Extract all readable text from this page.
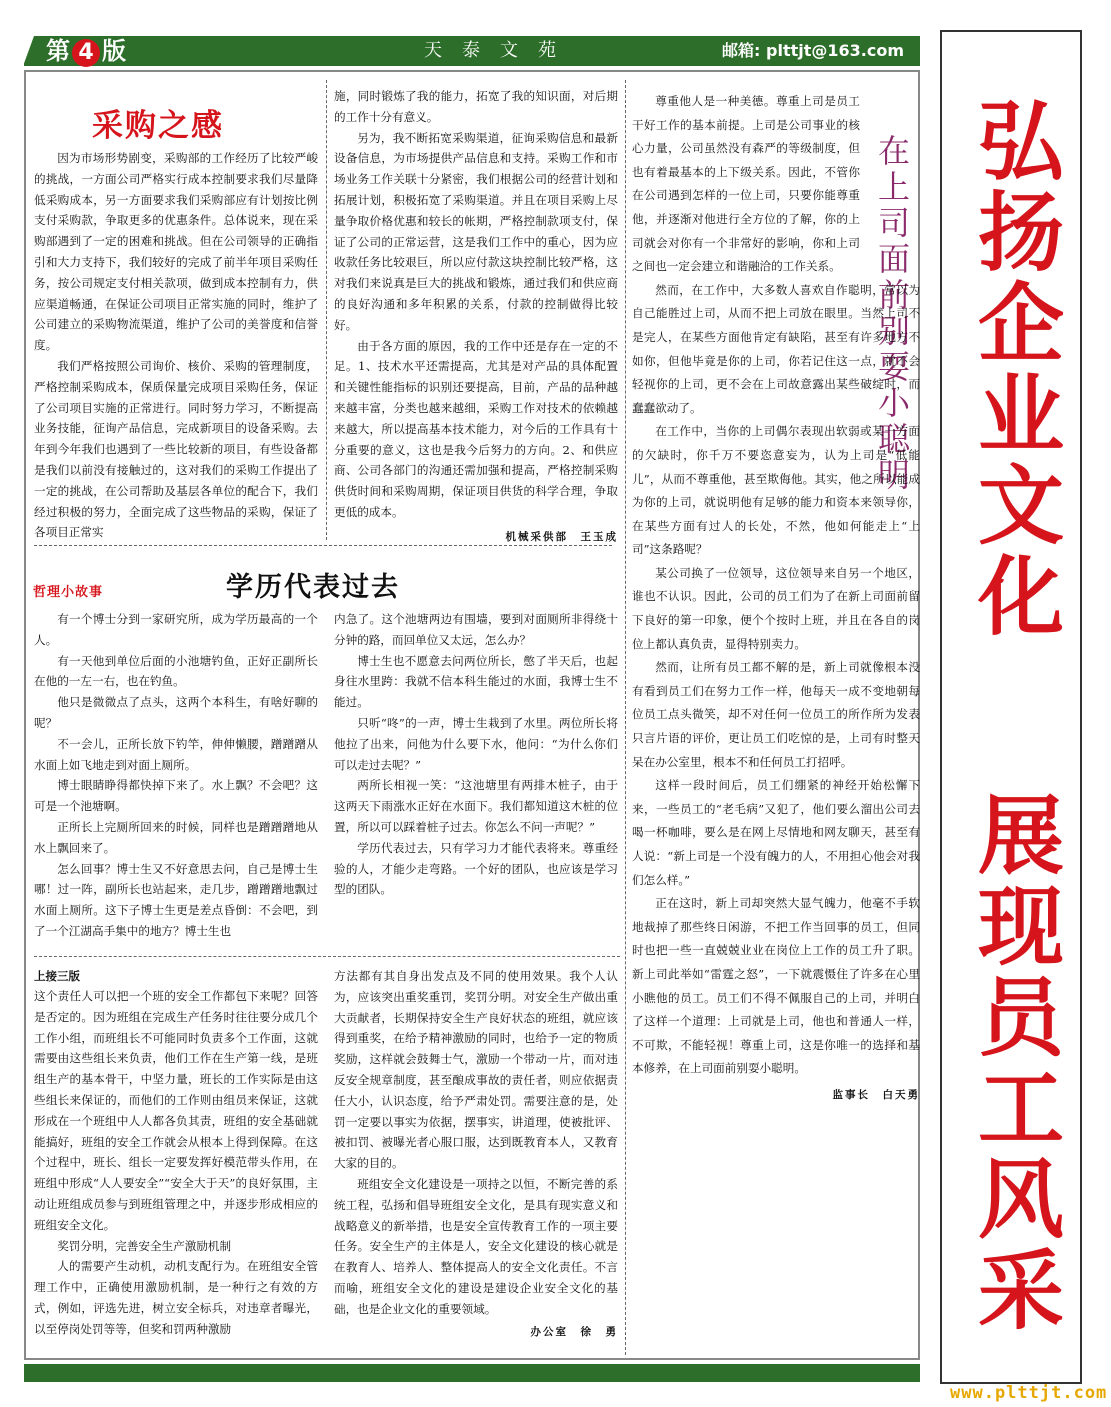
第 4 版	天泰文苑	邮箱: plttjt@163.com
采购之感

因为市场形势剧变，采购部的工作经历了比较严峻的挑战，一方面公司严格实行成本控制要求我们尽量降低采购成本，另一方面要求我们采购部应有计划按比例支付采购款，争取更多的优惠条件。总体说来，现在采购部遇到了一定的困难和挑战。但在公司领导的正确指引和大力支持下，我们较好的完成了前半年项目采购任务，按公司规定支付相关款项，做到成本控制有力，供应渠道畅通，在保证公司项目正常实施的同时，维护了公司建立的采购物流渠道，维护了公司的美誉度和信誉度。

我们严格按照公司询价、核价、采购的管理制度，严格控制采购成本，保质保量完成项目采购任务，保证了公司项目实施的正常进行。同时努力学习，不断提高业务技能，征询产品信息，完成新项目的设备采购。去年到今年我们也遇到了一些比较新的项目，有些设备都是我们以前没有接触过的，这对我们的采购工作提出了一定的挑战，在公司帮助及基层各单位的配合下，我们经过积极的努力，全面完成了这些物品的采购，保证了各项目正常实

施，同时锻炼了我的能力，拓宽了我的知识面，对后期的工作十分有意义。

另为，我不断拓宽采购渠道，征询采购信息和最新设备信息，为市场提供产品信息和支持。采购工作和市场业务工作关联十分紧密，我们根据公司的经营计划和拓展计划，积极拓宽了采购渠道。并且在项目采购上尽量争取价格优惠和较长的帐期，严格控制款项支付，保证了公司的正常运营，这是我们工作中的重心，因为应收款任务比较艰巨，所以应付款这块控制比较严格，这对我们来说真是巨大的挑战和锻炼，通过我们和供应商的良好沟通和多年积累的关系，付款的控制做得比较好。

由于各方面的原因，我的工作中还是存在一定的不足。1、技术水平还需提高，尤其是对产品的具体配置和关键性能指标的识别还要提高，目前，产品的品种越来越丰富，分类也越来越细，采购工作对技术的依赖越来越大，所以提高基本技术能力，对今后的工作具有十分重要的意义，这也是我今后努力的方向。2、和供应商、公司各部门的沟通还需加强和提高，严格控制采购供货时间和采购周期，保证项目供货的科学合理，争取更低的成本。

机械采供部　王玉成
哲理小故事	学历代表过去

有一个博士分到一家研究所，成为学历最高的一个人。

有一天他到单位后面的小池塘钓鱼，正好正副所长在他的一左一右，也在钓鱼。

他只是微微点了点头，这两个本科生，有啥好聊的呢？

不一会儿，正所长放下钓竿，伸伸懒腰，蹭蹭蹭从水面上如飞地走到对面上厕所。

博士眼睛睁得都快掉下来了。水上飘？不会吧？这可是一个池塘啊。

正所长上完厕所回来的时候，同样也是蹭蹭蹭地从水上飘回来了。

怎么回事？博士生又不好意思去问，自己是博士生哪！过一阵，副所长也站起来，走几步，蹭蹭蹭地飘过水面上厕所。这下子博士生更是差点昏倒：不会吧，到了一个江湖高手集中的地方？博士生也

内急了。这个池塘两边有围墙，要到对面厕所非得绕十分钟的路，而回单位又太远，怎么办？

博士生也不愿意去问两位所长，憋了半天后，也起身往水里跨：我就不信本科生能过的水面，我博士生不能过。

只听“咚”的一声，博士生栽到了水里。两位所长将他拉了出来，问他为什么要下水，他问：“为什么你们可以走过去呢？”

两所长相视一笑：“这池塘里有两排木桩子，由于这两天下雨涨水正好在水面下。我们都知道这木桩的位置，所以可以踩着桩子过去。你怎么不问一声呢？”

学历代表过去，只有学习力才能代表将来。尊重经验的人，才能少走弯路。一个好的团队，也应该是学习型的团队。

上接三版

这个责任人可以把一个班的安全工作都包下来呢？回答是否定的。因为班组在完成生产任务时往往要分成几个工作小组，而班组长不可能同时负责多个工作面，这就需要由这些组长来负责，他们工作在生产第一线，是班组生产的基本骨干，中坚力量，班长的工作实际是由这些组长来保证的，而他们的工作则由组员来保证，这就形成在一个班组中人人都各负其责，班组的安全基础就能搞好，班组的安全工作就会从根本上得到保障。在这个过程中，班长、组长一定要发挥好模范带头作用，在班组中形成“人人要安全”“安全大于天”的良好氛围，主动让班组成员参与到班组管理之中，并逐步形成相应的班组安全文化。

奖罚分明，完善安全生产激励机制

人的需要产生动机，动机支配行为。在班组安全管理工作中，正确使用激励机制，是一种行之有效的方式，例如，评选先进，树立安全标兵，对违章者曝光，以至停岗处罚等等，但奖和罚两种激励

方法都有其自身出发点及不同的使用效果。我个人认为，应该突出重奖重罚，奖罚分明。对安全生产做出重大贡献者，长期保持安全生产良好状态的班组，就应该得到重奖，在给予精神激励的同时，也给予一定的物质奖励，这样就会鼓舞士气，激励一个带动一片，而对违反安全规章制度，甚至酿成事故的责任者，则应依据责任大小，认识态度，给予严肃处罚。需要注意的是，处罚一定要以事实为依据，摆事实，讲道理，使被批评、被扣罚、被曝光者心服口服，达到既教育本人，又教育大家的目的。

班组安全文化建设是一项持之以恒，不断完善的系统工程，弘扬和倡导班组安全文化，是具有现实意义和战略意义的新举措，也是安全宣传教育工作的一项主要任务。安全生产的主体是人，安全文化建设的核心就是在教育人、培养人、整体提高人的安全文化责任。不言而喻，班组安全文化的建设是建设企业安全文化的基础，也是企业文化的重要领域。

办公室　徐　勇
在上司面前别耍小聪明

尊重他人是一种美德。尊重上司是员工干好工作的基本前提。上司是公司事业的核心力量，公司虽然没有森严的等级制度，但也有着最基本的上下级关系。因此，不管你在公司遇到怎样的一位上司，只要你能尊重他，并逐渐对他进行全方位的了解，你的上司就会对你有一个非常好的影响，你和上司之间也一定会建立和谐融洽的工作关系。

然而，在工作中，大多数人喜欢自作聪明，常以为自己能胜过上司，从而不把上司放在眼里。当然上司不是完人，在某些方面他肯定有缺陷，甚至有许多地方不如你，但他毕竟是你的上司，你若记住这一点，就不会轻视你的上司，更不会在上司故意露出某些破绽时，而蠢蠢欲动了。

在工作中，当你的上司偶尔表现出软弱或某一方面的欠缺时，你千万不要恣意妄为，认为上司是“低能儿”，从而不尊重他，甚至欺侮他。其实，他之所以能成为你的上司，就说明他有足够的能力和资本来领导你，在某些方面有过人的长处，不然，他如何能走上“上司”这条路呢？

某公司换了一位领导，这位领导来自另一个地区，谁也不认识。因此，公司的员工们为了在新上司面前留下良好的第一印象，便个个按时上班，并且在各自的岗位上都认真负责，显得特别卖力。

然而，让所有员工都不解的是，新上司就像根本没有看到员工们在努力工作一样，他每天一成不变地朝每位员工点头微笑，却不对任何一位员工的所作所为发表只言片语的评价，更让员工们吃惊的是，上司有时整天呆在办公室里，根本不和任何员工打招呼。

这样一段时间后，员工们绷紧的神经开始松懈下来，一些员工的“老毛病”又犯了，他们要么溜出公司去喝一杯咖啡，要么是在网上尽情地和网友聊天，甚至有人说：“新上司是一个没有魄力的人，不用担心他会对我们怎么样。”

正在这时，新上司却突然大显气魄力，他毫不手软地裁掉了那些终日闲游，不把工作当回事的员工，但同时也把一些一直兢兢业业在岗位上工作的员工升了职。新上司此举如“雷霆之怒”，一下就震慑住了许多在心里小瞧他的员工。员工们不得不佩服自己的上司，并明白了这样一个道理：上司就是上司，他也和普通人一样，不可欺，不能轻视！尊重上司，这是你唯一的选择和基本修养，在上司面前别耍小聪明。

监事长　白天勇
弘扬企业文化
展现员工风采
www.plttjt.com
